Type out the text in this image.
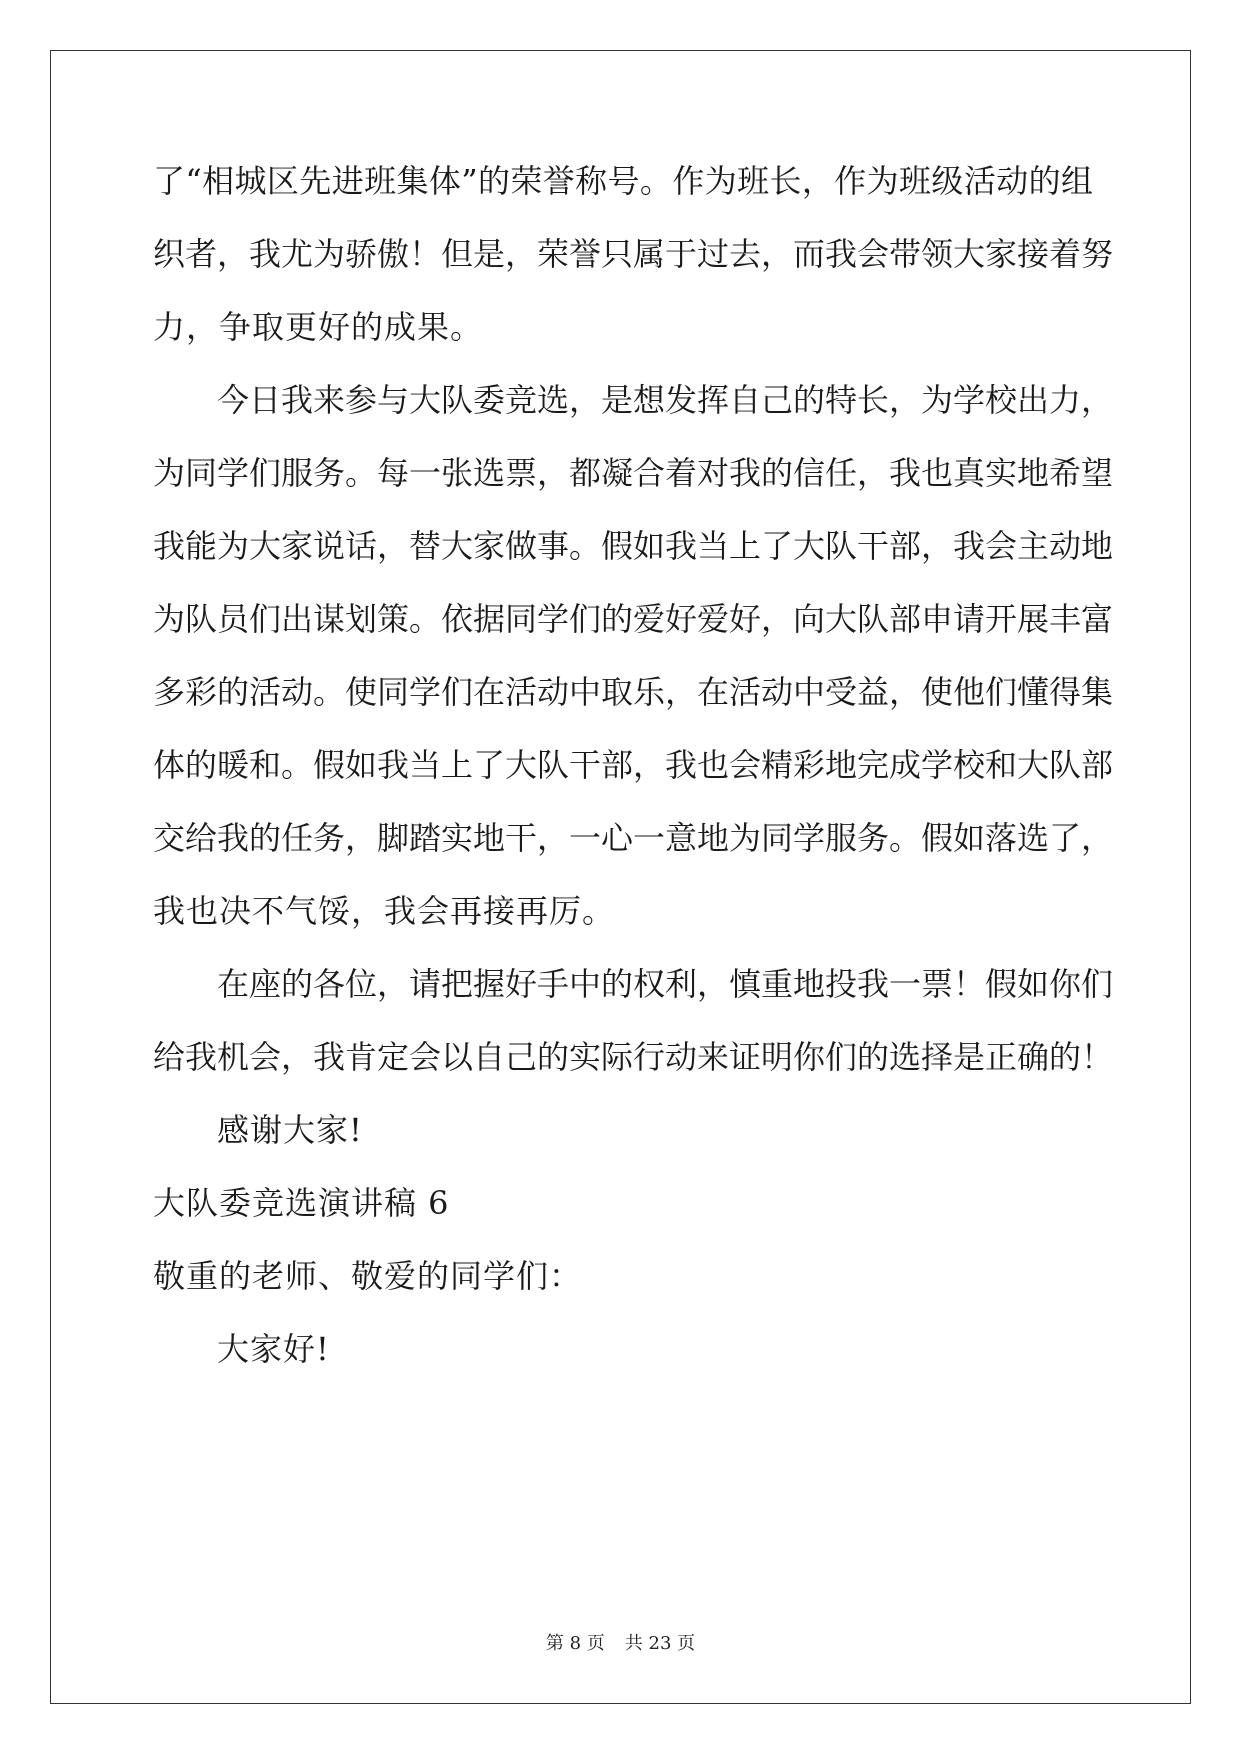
了“相城区先进班集体”的荣誉称号。作为班长，作为班级活动的组
织者，我尤为骄傲！但是，荣誉只属于过去，而我会带领大家接着努
力，争取更好的成果。
今日我来参与大队委竞选，是想发挥自己的特长，为学校出力，
为同学们服务。每一张选票，都凝合着对我的信任，我也真实地希望
我能为大家说话，替大家做事。假如我当上了大队干部，我会主动地
为队员们出谋划策。依据同学们的爱好爱好，向大队部申请开展丰富
多彩的活动。使同学们在活动中取乐，在活动中受益，使他们懂得集
体的暖和。假如我当上了大队干部，我也会精彩地完成学校和大队部
交给我的任务，脚踏实地干，一心一意地为同学服务。假如落选了，
我也决不气馁，我会再接再厉。
在座的各位，请把握好手中的权利，慎重地投我一票！假如你们
给我机会，我肯定会以自己的实际行动来证明你们的选择是正确的！
感谢大家!
大队委竞选演讲稿 6
敬重的老师、敬爱的同学们：
大家好!
第 8 页 共 23 页
